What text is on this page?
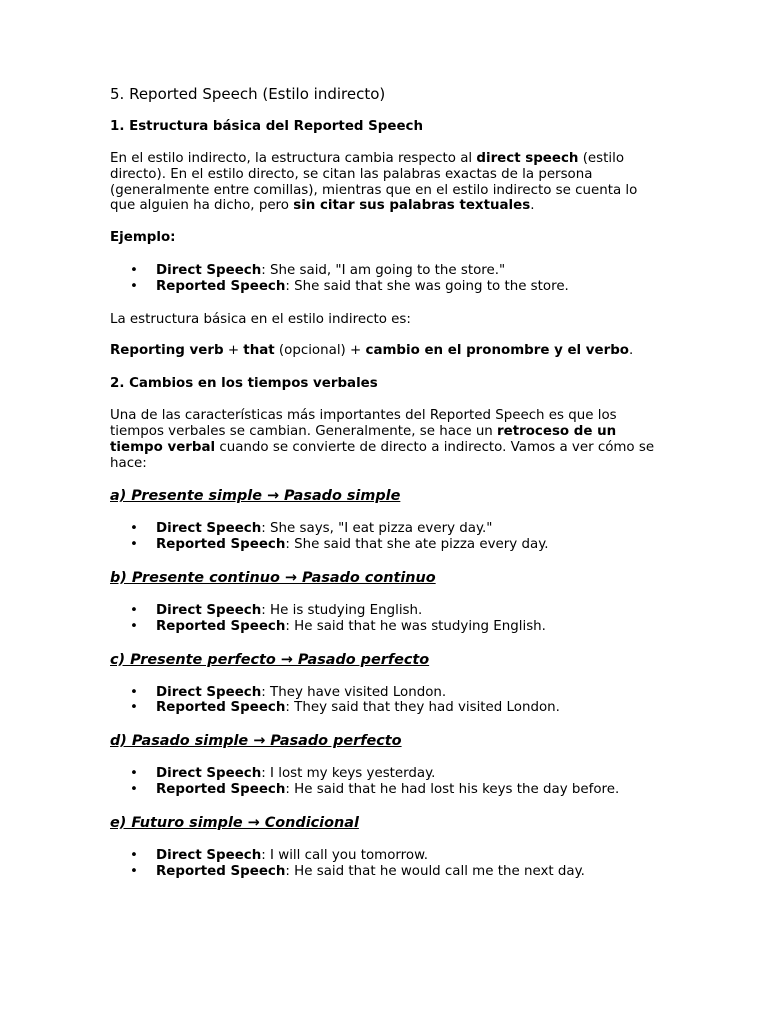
5. Reported Speech (Estilo indirecto)
1. Estructura básica del Reported Speech

En el estilo indirecto, la estructura cambia respecto al direct speech (estilo directo). En el estilo directo, se citan las palabras exactas de la persona (generalmente entre comillas), mientras que en el estilo indirecto se cuenta lo que alguien ha dicho, pero sin citar sus palabras textuales.

Ejemplo:

• Direct Speech: She said, "I am going to the store."
• Reported Speech: She said that she was going to the store.

La estructura básica en el estilo indirecto es:

Reporting verb + that (opcional) + cambio en el pronombre y el verbo.

2. Cambios en los tiempos verbales

Una de las características más importantes del Reported Speech es que los tiempos verbales se cambian. Generalmente, se hace un retroceso de un tiempo verbal cuando se convierte de directo a indirecto. Vamos a ver cómo se hace:

a) Presente simple → Pasado simple

• Direct Speech: She says, "I eat pizza every day."
• Reported Speech: She said that she ate pizza every day.

b) Presente continuo → Pasado continuo

• Direct Speech: He is studying English.
• Reported Speech: He said that he was studying English.

c) Presente perfecto → Pasado perfecto

• Direct Speech: They have visited London.
• Reported Speech: They said that they had visited London.

d) Pasado simple → Pasado perfecto

• Direct Speech: I lost my keys yesterday.
• Reported Speech: He said that he had lost his keys the day before.

e) Futuro simple → Condicional

• Direct Speech: I will call you tomorrow.
• Reported Speech: He said that he would call me the next day.
